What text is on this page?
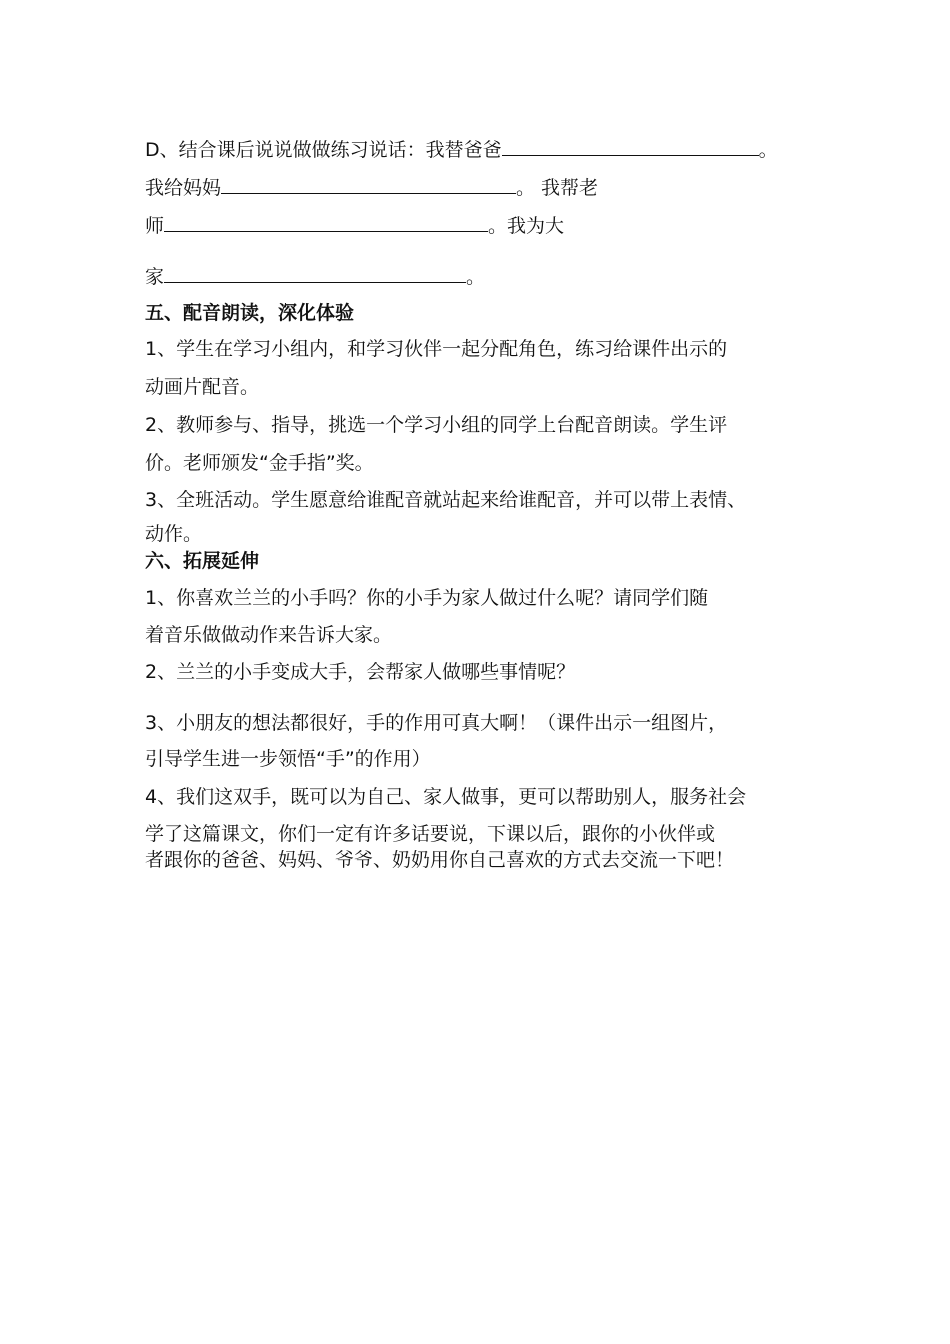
D、结合课后说说做做练习说话：我替爸爸	。
我给妈妈	。 我帮老
师	。我为大
家	。
五、配音朗读，深化体验
1、学生在学习小组内，和学习伙伴一起分配角色，练习给课件出示的
动画片配音。
2、教师参与、指导，挑选一个学习小组的同学上台配音朗读。学生评
价。老师颁发“金手指”奖。
3、全班活动。学生愿意给谁配音就站起来给谁配音，并可以带上表情、
动作。
六、拓展延伸
1、你喜欢兰兰的小手吗？你的小手为家人做过什么呢？请同学们随
着音乐做做动作来告诉大家。
2、兰兰的小手变成大手，会帮家人做哪些事情呢？
3、小朋友的想法都很好，手的作用可真大啊！（课件出示一组图片，
引导学生进一步领悟“手”的作用）
4、我们这双手，既可以为自己、家人做事，更可以帮助别人，服务社会
学了这篇课文，你们一定有许多话要说，下课以后，跟你的小伙伴或
者跟你的爸爸、妈妈、爷爷、奶奶用你自己喜欢的方式去交流一下吧！
